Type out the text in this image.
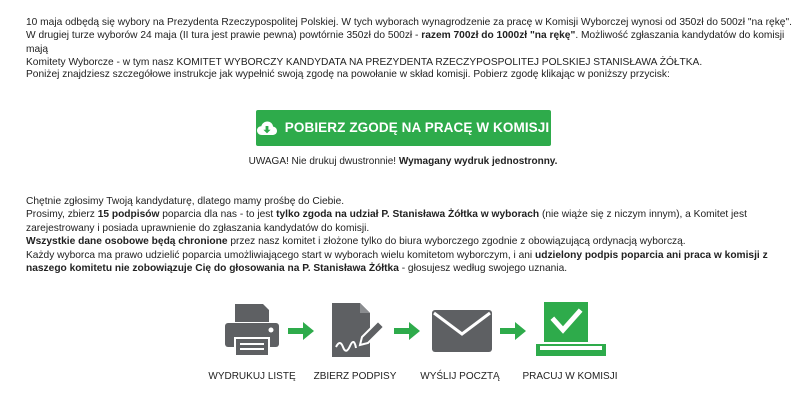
10 maja odbędą się wybory na Prezydenta Rzeczypospolitej Polskiej. W tych wyborach wynagrodzenie za pracę w Komisji Wyborczej wynosi od 350zł do 500zł "na rękę".
W drugiej turze wyborów 24 maja (II tura jest prawie pewna) powtórnie 350zł do 500zł - razem 700zł do 1000zł "na rękę". Możliwość zgłaszania kandydatów do komisji mają
Komitety Wyborcze - w tym nasz KOMITET WYBORCZY KANDYDATA NA PREZYDENTA RZECZYPOSPOLITEJ POLSKIEJ STANISŁAWA ŻÓŁTKA.
Poniżej znajdziesz szczegółowe instrukcje jak wypełnić swoją zgodę na powołanie w skład komisji. Pobierz zgodę klikając w poniższy przycisk:
POBIERZ ZGODĘ NA PRACĘ W KOMISJI
UWAGA! Nie drukuj dwustronnie! Wymagany wydruk jednostronny.

Chętnie zgłosimy Twoją kandydaturę, dlatego mamy prośbę do Ciebie.

Prosimy, zbierz 15 podpisów poparcia dla nas - to jest tylko zgoda na udział P. Stanisława Żółtka w wyborach (nie wiąże się z niczym innym), a Komitet jest zarejestrowany i posiada uprawnienie do zgłaszania kandydatów do komisji.

Wszystkie dane osobowe będą chronione przez nasz komitet i złożone tylko do biura wyborczego zgodnie z obowiązującą ordynacją wyborczą.

Każdy wyborca ma prawo udzielić poparcia umożliwiającego start w wyborach wielu komitetom wyborczym, i ani udzielony podpis poparcia ani praca w komisji z naszego komitetu nie zobowiązuje Cię do głosowania na P. Stanisława Żółtka - głosujesz według swojego uznania.

WYDRUKUJ LISTĘ ZBIERZ PODPISY WYŚLIJ POCZTĄ PRACUJ W KOMISJI
